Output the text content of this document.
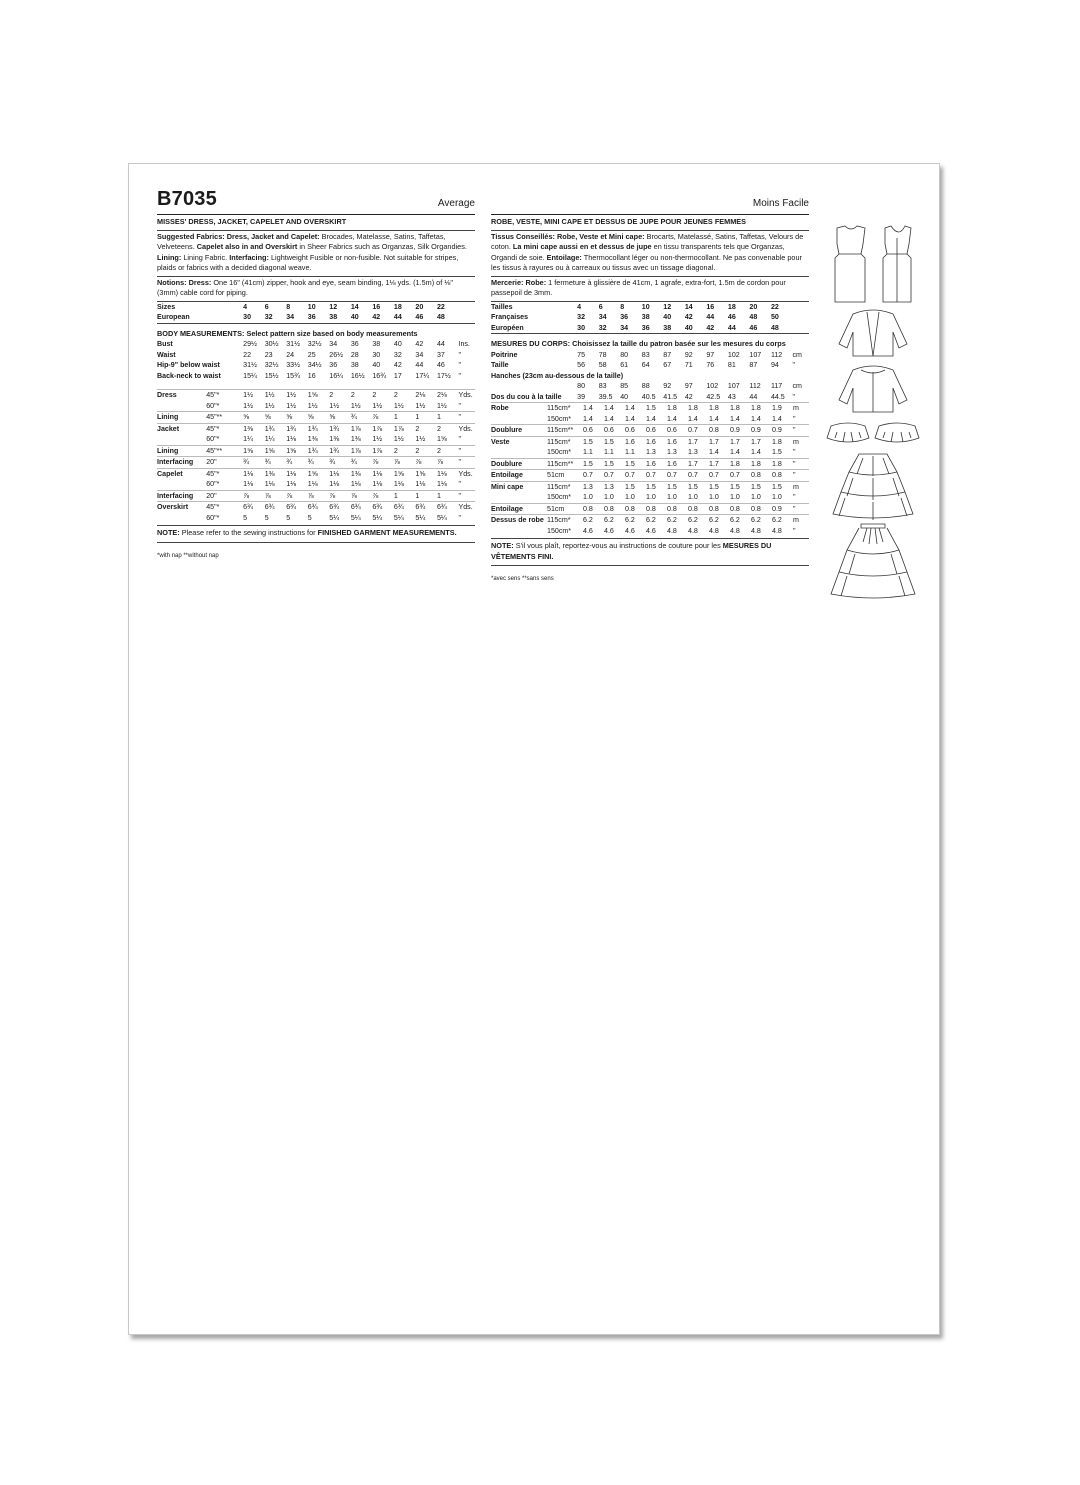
B7035	Average
MISSES' DRESS, JACKET, CAPELET AND OVERSKIRT
Suggested Fabrics: Dress, Jacket and Capelet: Brocades, Matelasse, Satins, Taffetas, Velveteens. Capelet also in and Overskirt in Sheer Fabrics such as Organzas, Silk Organdies. Lining: Lining Fabric. Interfacing: Lightweight Fusible or non-fusible. Not suitable for stripes, plaids or fabrics with a decided diagonal weave.
Notions: Dress: One 16" (41cm) zipper, hook and eye, seam binding, 1⅛ yds. (1.5m) of ⅛" (3mm) cable cord for piping.
Sizes		4	6	8	10	12	14	16	18	20	22	
European		30	32	34	36	38	40	42	44	46	48	
BODY MEASUREMENTS: Select pattern size based on body measurements
Bust		29½	30½	31½	32½	34	36	38	40	42	44	Ins.
Waist		22	23	24	25	26½	28	30	32	34	37	"
Hip-9" below waist		31½	32½	33½	34½	36	38	40	42	44	46	"
Back-neck to waist		15¼	15½	15¾	16	16¼	16½	16¾	17	17¼	17½	"
Dress	45"*	1½	1½	1½	1⅝	2	2	2	2	2⅛	2⅛	Yds.
	60"*	1½	1½	1½	1½	1½	1½	1½	1½	1½	1½	"
Lining	45"**	⅝	⅝	⅝	⅝	⅝	¾	⅞	1	1	1	"
Jacket	45"*	1⅜	1¾	1¾	1¾	1¾	1⅞	1⅞	1⅞	2	2	Yds.
	60"*	1¼	1¼	1⅛	1⅜	1⅜	1⅜	1½	1½	1½	1⅝	"
Lining	45"**	1⅝	1⅝	1⅝	1¾	1¾	1⅞	1⅞	2	2	2	"
Interfacing	20"	¾	¾	¾	¾	¾	¾	⅞	⅞	⅞	⅞	"
Capelet	45"*	1⅛	1⅜	1⅛	1⅝	1⅛	1⅜	1⅛	1⅝	1⅝	1⅛	Yds.
	60"*	1⅛	1⅛	1⅛	1⅛	1⅛	1⅛	1⅛	1⅛	1⅛	1⅛	"
Interfacing	20"	⅞	⅞	⅞	⅞	⅞	⅞	⅞	1	1	1	"
Overskirt	45"*	6¾	6¾	6¾	6¾	6¾	6¾	6¾	6¾	6¾	6¾	Yds.
	60"*	5	5	5	5	5¼	5¼	5¼	5¼	5¼	5¼	"
NOTE: Please refer to the sewing instructions for FINISHED GARMENT MEASUREMENTS.
*with nap **without nap
Moins Facile
ROBE, VESTE, MINI CAPE ET DESSUS DE JUPE POUR JEUNES FEMMES
Tissus Conseillés: Robe, Veste et Mini cape: Brocarts, Matelassé, Satins, Taffetas, Velours de coton. La mini cape aussi en et dessus de jupe en tissu transparents tels que Organzas, Organdi de soie. Entoilage: Thermocollant léger ou non-thermocollant. Ne pas convenable pour les tissus à rayures ou à carreaux ou tissus avec un tissage diagonal.
Mercerie: Robe: 1 fermeture à glissière de 41cm, 1 agrafe, extra-fort, 1.5m de cordon pour passepoil de 3mm.
Tailles		4	6	8	10	12	14	16	18	20	22	
Françaises		32	34	36	38	40	42	44	46	48	50	
Européen		30	32	34	36	38	40	42	44	46	48	
MESURES DU CORPS: Choisissez la taille du patron basée sur les mesures du corps
Poitrine		75	78	80	83	87	92	97	102	107	112	cm
Taille		56	58	61	64	67	71	76	81	87	94	"
Hanches (23cm au-dessous de la taille)											
		80	83	85	88	92	97	102	107	112	117	cm
Dos du cou à la taille		39	39.5	40	40.5	41.5	42	42.5	43	44	44.5	"
Robe	115cm*	1.4	1.4	1.4	1.5	1.8	1.8	1.8	1.8	1.8	1.9	m
	150cm*	1.4	1.4	1.4	1.4	1.4	1.4	1.4	1.4	1.4	1.4	"
Doublure	115cm**	0.6	0.6	0.6	0.6	0.6	0.7	0.8	0.9	0.9	0.9	"
Veste	115cm*	1.5	1.5	1.6	1.6	1.6	1.7	1.7	1.7	1.7	1.8	m
	150cm*	1.1	1.1	1.1	1.3	1.3	1.3	1.4	1.4	1.4	1.5	"
Doublure	115cm**	1.5	1.5	1.5	1.6	1.6	1.7	1.7	1.8	1.8	1.8	"
Entoilage	51cm	0.7	0.7	0.7	0.7	0.7	0.7	0.7	0.7	0.8	0.8	"
Mini cape	115cm*	1.3	1.3	1.5	1.5	1.5	1.5	1.5	1.5	1.5	1.5	m
	150cm*	1.0	1.0	1.0	1.0	1.0	1.0	1.0	1.0	1.0	1.0	"
Entoilage	51cm	0.8	0.8	0.8	0.8	0.8	0.8	0.8	0.8	0.8	0.9	"
Dessus de robe	115cm*	6.2	6.2	6.2	6.2	6.2	6.2	6.2	6.2	6.2	6.2	m
	150cm*	4.6	4.6	4.6	4.6	4.8	4.8	4.8	4.8	4.8	4.8	"
NOTE: S'il vous plaît, reportez-vous au instructions de couture pour les MESURES DU VÊTEMENTS FINI.
*avec sens **sans sens
